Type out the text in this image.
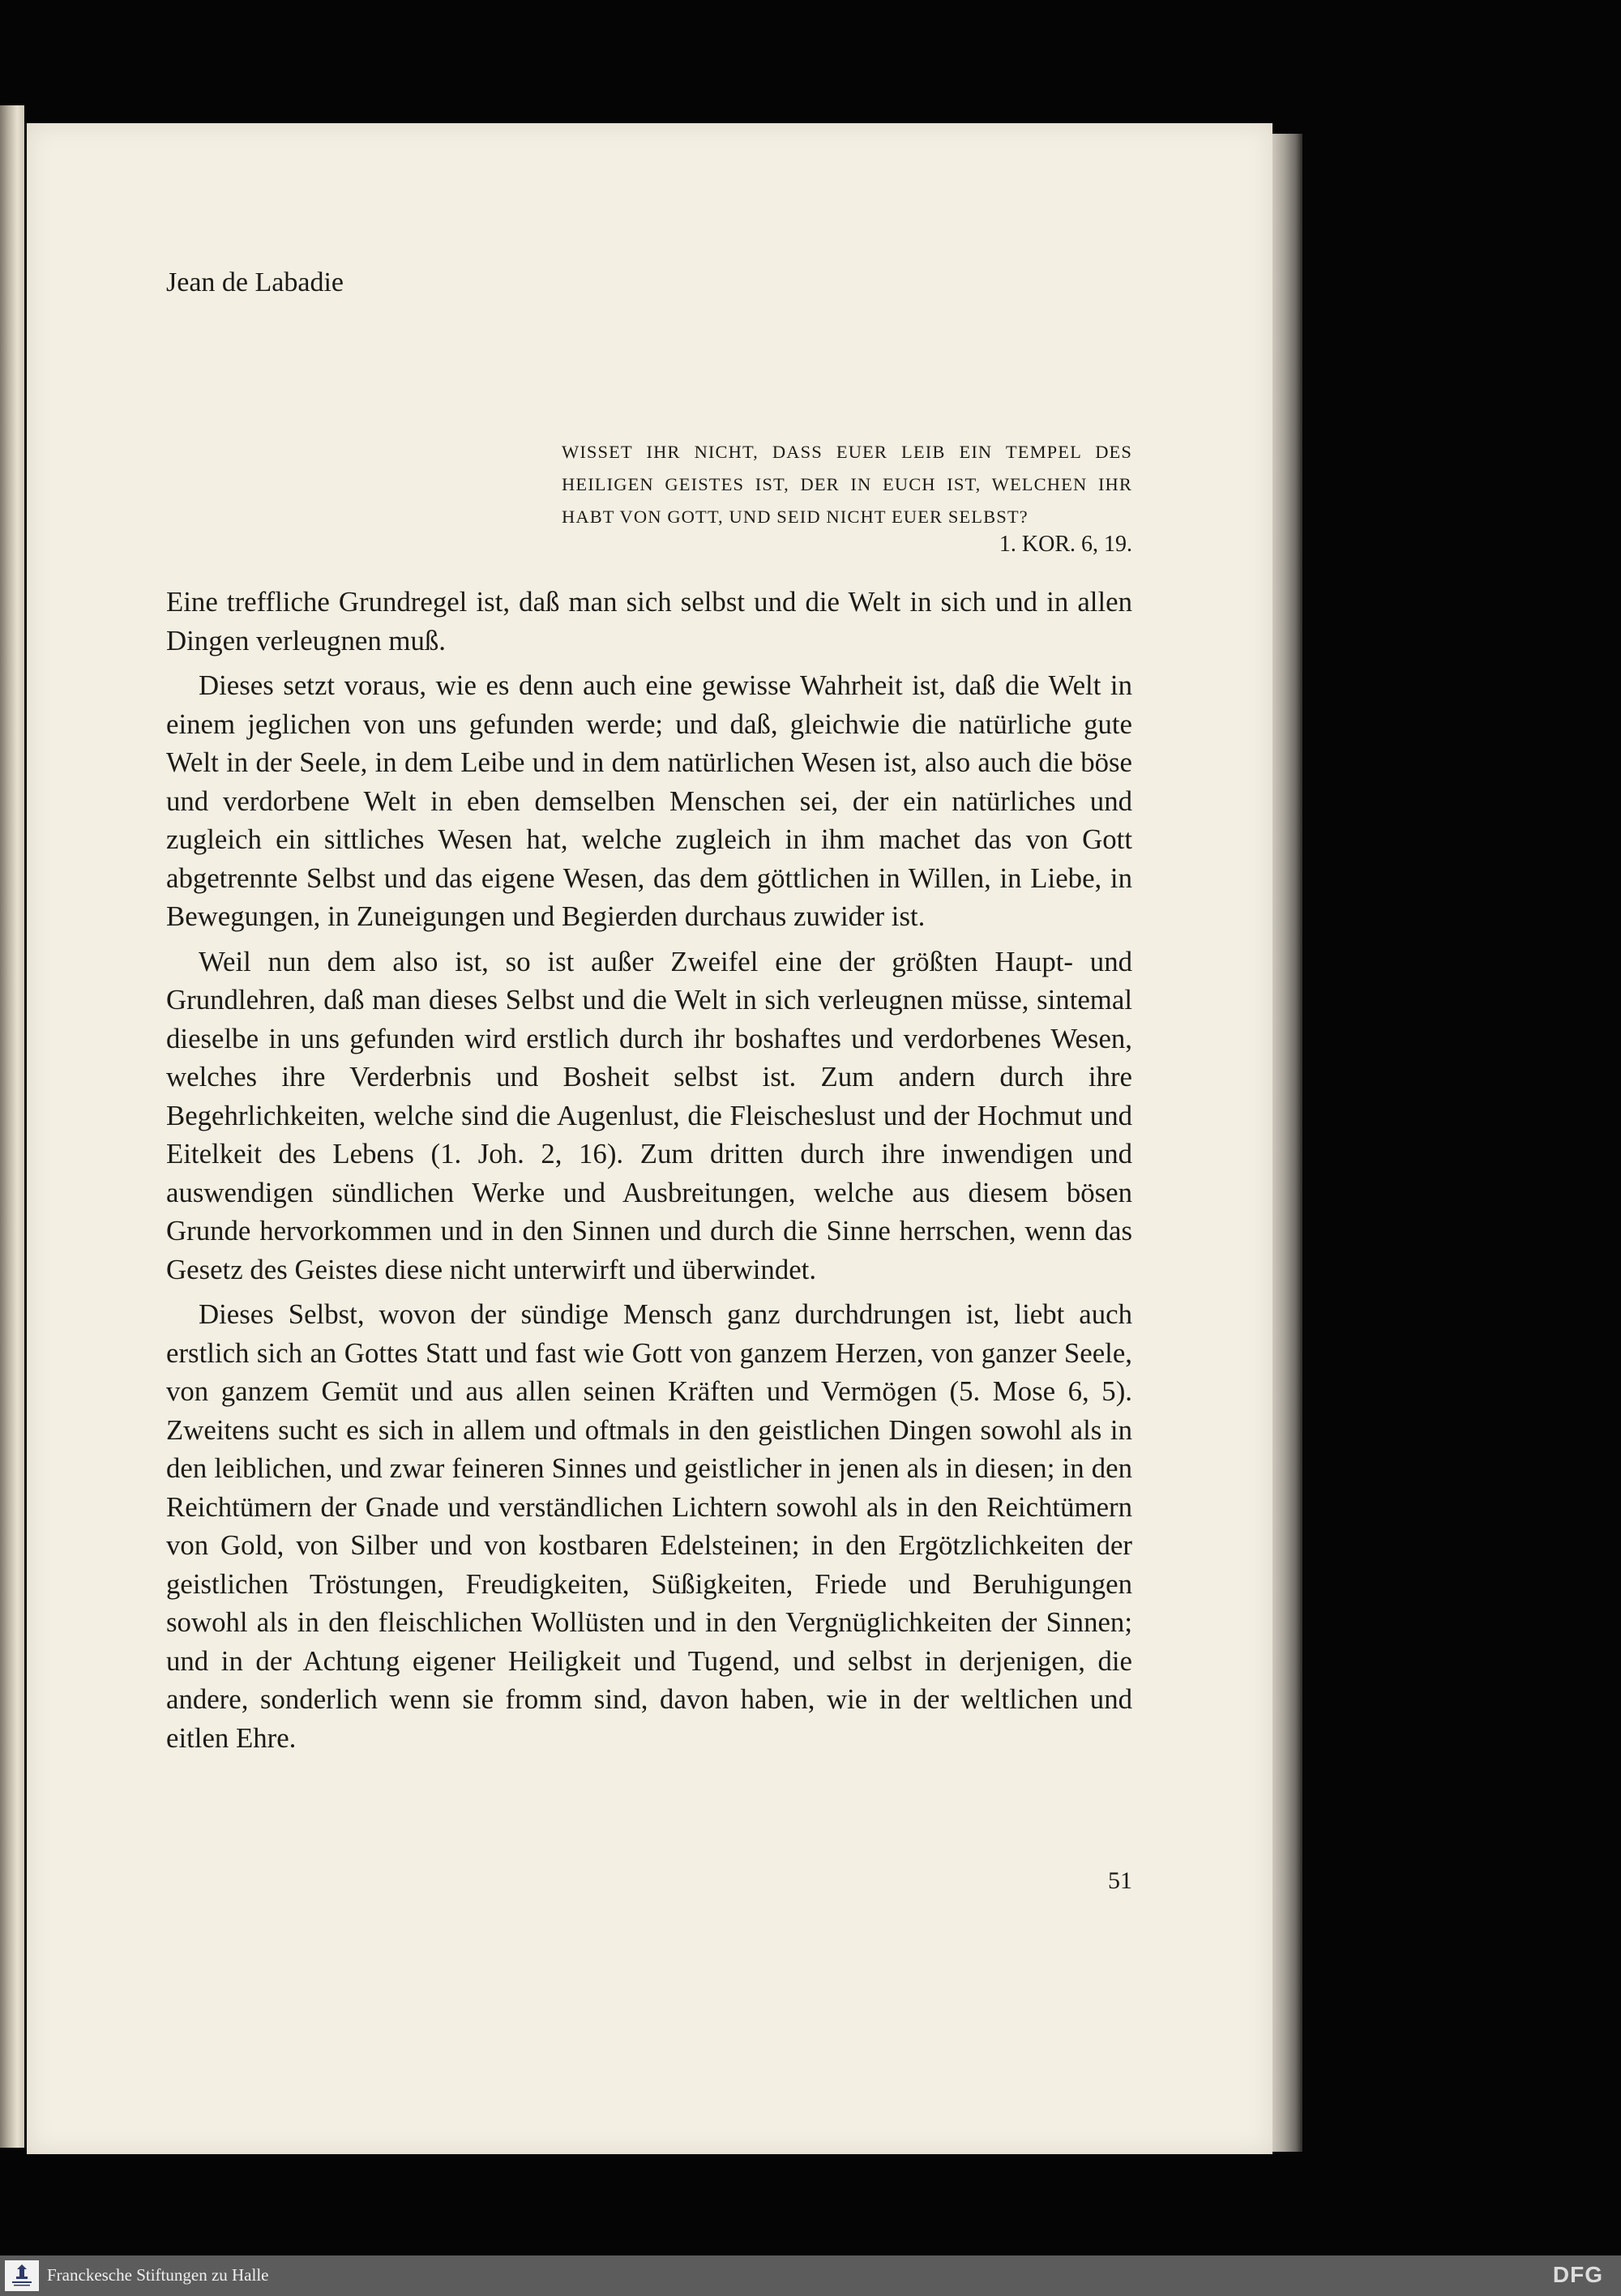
Jean de Labadie
WISSET IHR NICHT, DASS EUER LEIB EIN TEMPEL DES HEILIGEN GEISTES IST, DER IN EUCH IST, WELCHEN IHR HABT VON GOTT, UND SEID NICHT EUER SELBST?
1. KOR. 6, 19.

Eine treffliche Grundregel ist, daß man sich selbst und die Welt in sich und in allen Dingen verleugnen muß.

Dieses setzt voraus, wie es denn auch eine gewisse Wahrheit ist, daß die Welt in einem jeglichen von uns gefunden werde; und daß, gleichwie die natürliche gute Welt in der Seele, in dem Leibe und in dem natürlichen Wesen ist, also auch die böse und verdorbene Welt in eben demselben Menschen sei, der ein natürliches und zugleich ein sittliches Wesen hat, welche zugleich in ihm machet das von Gott abgetrennte Selbst und das eigene Wesen, das dem göttlichen in Willen, in Liebe, in Bewegungen, in Zuneigungen und Begierden durchaus zuwider ist.

Weil nun dem also ist, so ist außer Zweifel eine der größten Haupt- und Grundlehren, daß man dieses Selbst und die Welt in sich verleugnen müsse, sintemal dieselbe in uns gefunden wird erstlich durch ihr boshaftes und verdorbenes Wesen, welches ihre Verderbnis und Bosheit selbst ist. Zum andern durch ihre Begehrlichkeiten, welche sind die Augenlust, die Fleischeslust und der Hochmut und Eitelkeit des Lebens (1. Joh. 2, 16). Zum dritten durch ihre inwendigen und auswendigen sündlichen Werke und Ausbreitungen, welche aus diesem bösen Grunde hervorkommen und in den Sinnen und durch die Sinne herrschen, wenn das Gesetz des Geistes diese nicht unterwirft und überwindet.

Dieses Selbst, wovon der sündige Mensch ganz durchdrungen ist, liebt auch erstlich sich an Gottes Statt und fast wie Gott von ganzem Herzen, von ganzer Seele, von ganzem Gemüt und aus allen seinen Kräften und Vermögen (5. Mose 6, 5). Zweitens sucht es sich in allem und oftmals in den geistlichen Dingen sowohl als in den leiblichen, und zwar feineren Sinnes und geistlicher in jenen als in diesen; in den Reichtümern der Gnade und verständlichen Lichtern sowohl als in den Reichtümern von Gold, von Silber und von kostbaren Edelsteinen; in den Ergötzlichkeiten der geistlichen Tröstungen, Freudigkeiten, Süßigkeiten, Friede und Beruhigungen sowohl als in den fleischlichen Wollüsten und in den Vergnüglichkeiten der Sinnen; und in der Achtung eigener Heiligkeit und Tugend, und selbst in derjenigen, die andere, sonderlich wenn sie fromm sind, davon haben, wie in der weltlichen und eitlen Ehre.

51
Franckesche Stiftungen zu Halle	DFG
